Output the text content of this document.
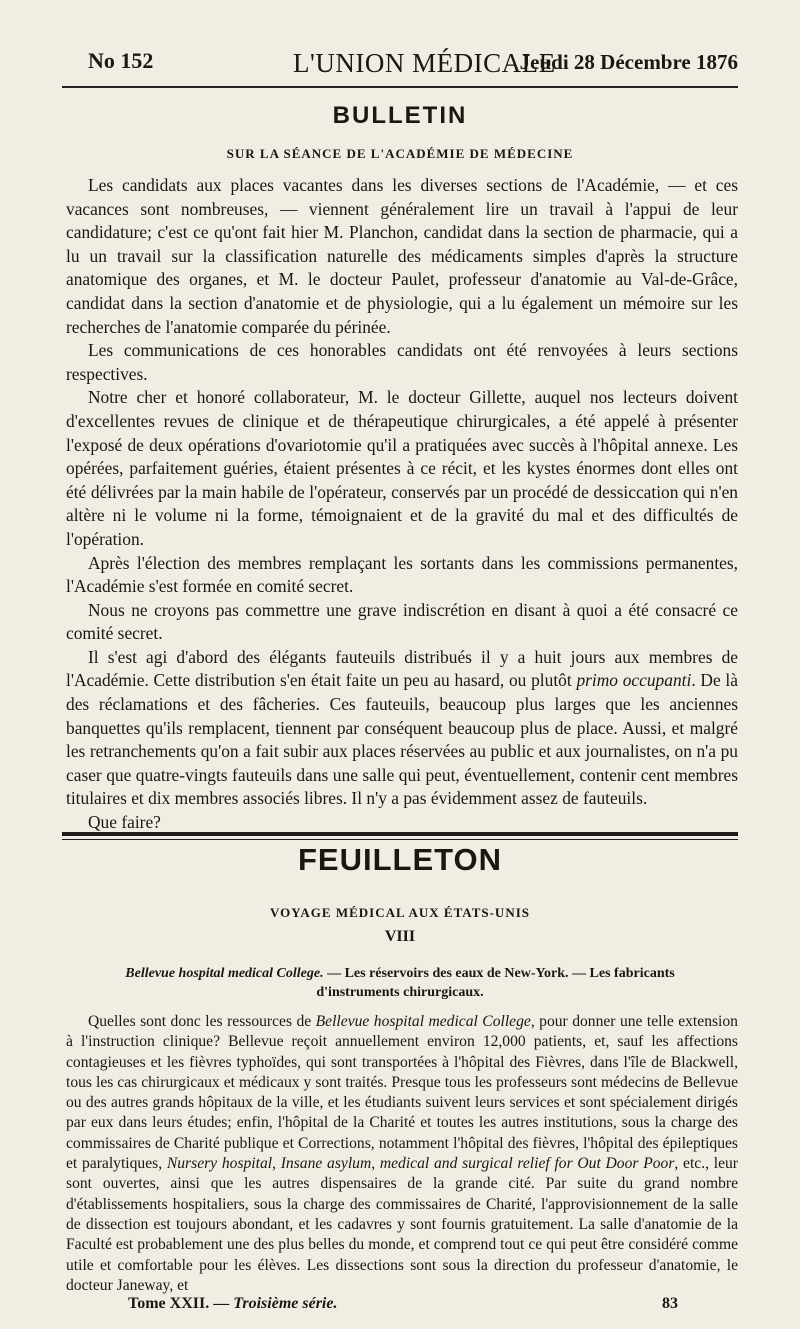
No 152	L'UNION MÉDICALE
Jeudi 28 Décembre 1876
BULLETIN
SUR LA SÉANCE DE L'ACADÉMIE DE MÉDECINE

Les candidats aux places vacantes dans les diverses sections de l'Académie, — et ces vacances sont nombreuses, — viennent généralement lire un travail à l'appui de leur candidature; c'est ce qu'ont fait hier M. Planchon, candidat dans la section de pharmacie, qui a lu un travail sur la classification naturelle des médicaments simples d'après la structure anatomique des organes, et M. le docteur Paulet, professeur d'anatomie au Val-de-Grâce, candidat dans la section d'anatomie et de physiologie, qui a lu également un mémoire sur les recherches de l'anatomie comparée du périnée.

Les communications de ces honorables candidats ont été renvoyées à leurs sections respectives.

Notre cher et honoré collaborateur, M. le docteur Gillette, auquel nos lecteurs doivent d'excellentes revues de clinique et de thérapeutique chirurgicales, a été appelé à présenter l'exposé de deux opérations d'ovariotomie qu'il a pratiquées avec succès à l'hôpital annexe. Les opérées, parfaitement guéries, étaient présentes à ce récit, et les kystes énormes dont elles ont été délivrées par la main habile de l'opérateur, conservés par un procédé de dessiccation qui n'en altère ni le volume ni la forme, témoignaient et de la gravité du mal et des difficultés de l'opération.

Après l'élection des membres remplaçant les sortants dans les commissions permanentes, l'Académie s'est formée en comité secret.

Nous ne croyons pas commettre une grave indiscrétion en disant à quoi a été consacré ce comité secret.

Il s'est agi d'abord des élégants fauteuils distribués il y a huit jours aux membres de l'Académie. Cette distribution s'en était faite un peu au hasard, ou plutôt primo occupanti. De là des réclamations et des fâcheries. Ces fauteuils, beaucoup plus larges que les anciennes banquettes qu'ils remplacent, tiennent par conséquent beaucoup plus de place. Aussi, et malgré les retranchements qu'on a fait subir aux places réservées au public et aux journalistes, on n'a pu caser que quatre-vingts fauteuils dans une salle qui peut, éventuellement, contenir cent membres titulaires et dix membres associés libres. Il n'y a pas évidemment assez de fauteuils.

Que faire?

FEUILLETON
VOYAGE MÉDICAL AUX ÉTATS-UNIS
VIII
Bellevue hospital medical College. — Les réservoirs des eaux de New-York. — Les fabricants d'instruments chirurgicaux.

Quelles sont donc les ressources de Bellevue hospital medical College, pour donner une telle extension à l'instruction clinique? Bellevue reçoit annuellement environ 12,000 patients, et, sauf les affections contagieuses et les fièvres typhoïdes, qui sont transportées à l'hôpital des Fièvres, dans l'île de Blackwell, tous les cas chirurgicaux et médicaux y sont traités. Presque tous les professeurs sont médecins de Bellevue ou des autres grands hôpitaux de la ville, et les étudiants suivent leurs services et sont spécialement dirigés par eux dans leurs études; enfin, l'hôpital de la Charité et toutes les autres institutions, sous la charge des commissaires de Charité publique et Corrections, notamment l'hôpital des fièvres, l'hôpital des épileptiques et paralytiques, Nursery hospital, Insane asylum, medical and surgical relief for Out Door Poor, etc., leur sont ouvertes, ainsi que les autres dispensaires de la grande cité. Par suite du grand nombre d'établissements hospitaliers, sous la charge des commissaires de Charité, l'approvisionnement de la salle de dissection est toujours abondant, et les cadavres y sont fournis gratuitement. La salle d'anatomie de la Faculté est probablement une des plus belles du monde, et comprend tout ce qui peut être considéré comme utile et comfortable pour les élèves. Les dissections sont sous la direction du professeur d'anatomie, le docteur Janeway, et

Tome XXII. — Troisième série.	83
